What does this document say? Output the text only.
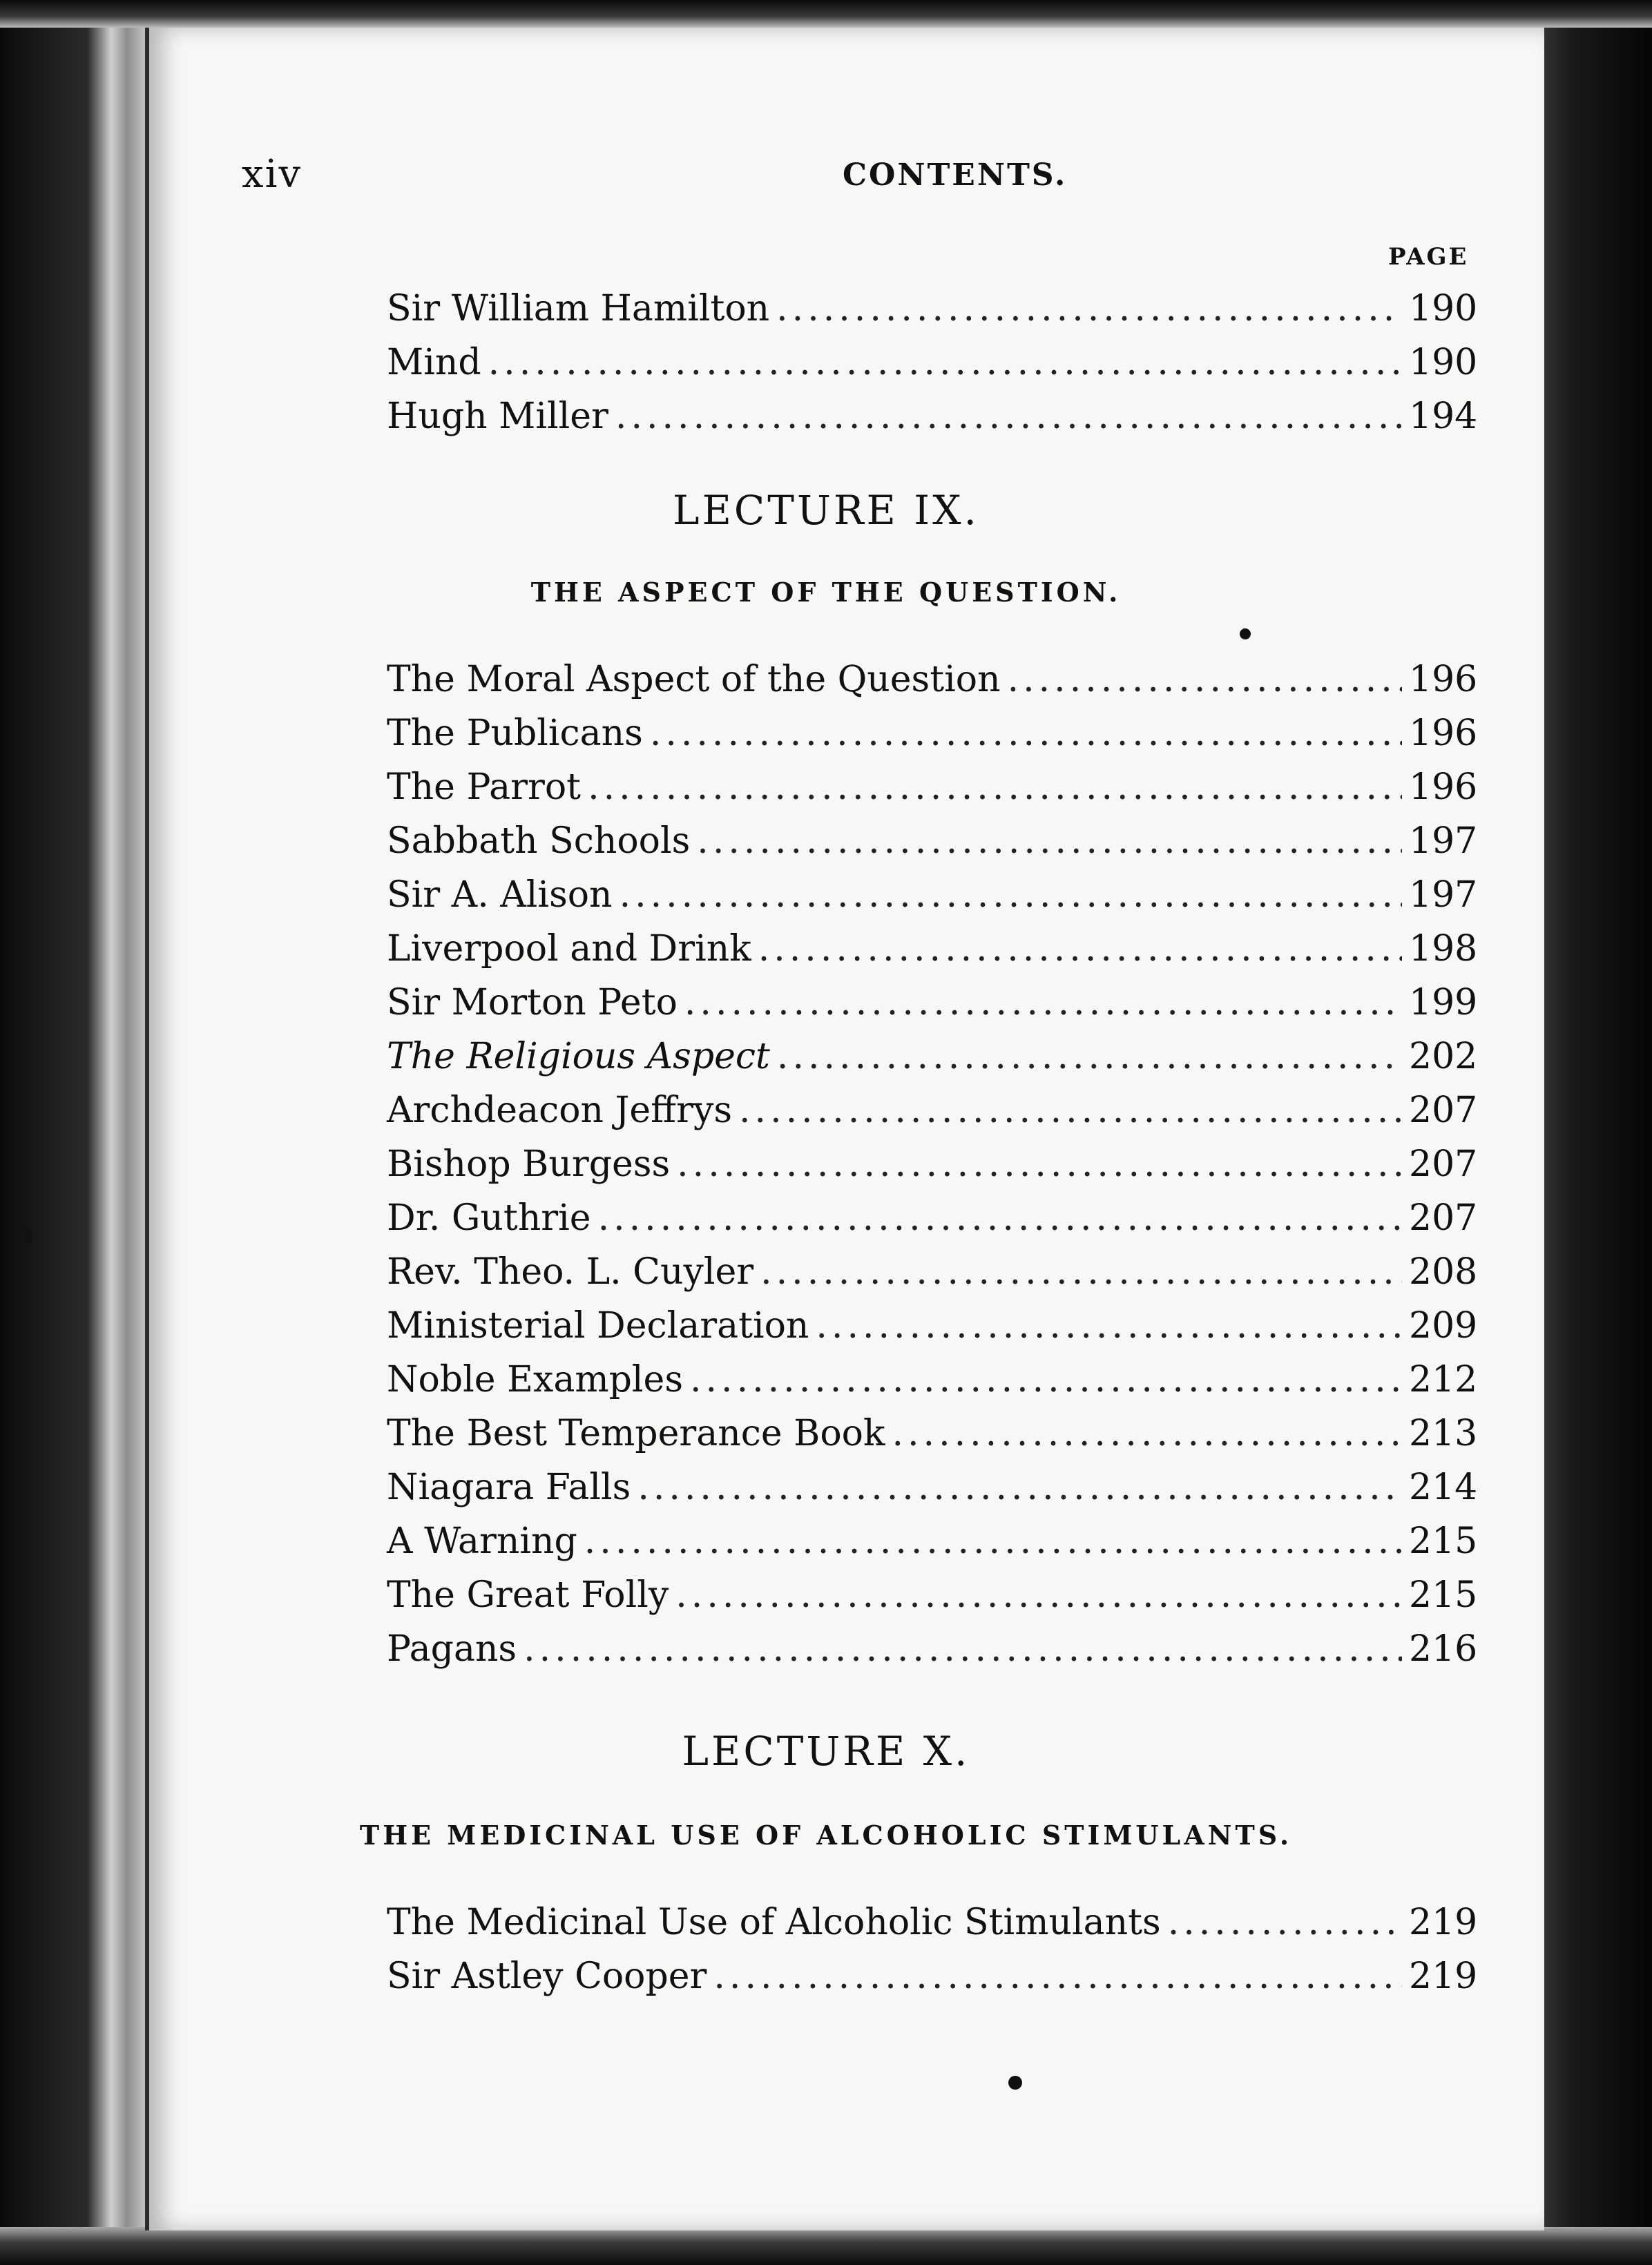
xiv	CONTENTS.
PAGE
Sir William Hamilton .....	190
Mind .....	190
Hugh Miller .....	194
LECTURE IX.
THE ASPECT OF THE QUESTION.
The Moral Aspect of the Question .....	196
The Publicans .....	196
The Parrot .....	196
Sabbath Schools .....	197
Sir A. Alison .....	197
Liverpool and Drink .....	198
Sir Morton Peto .....	199
The Religious Aspect .....	202
Archdeacon Jeffrys .....	207
Bishop Burgess .....	207
Dr. Guthrie .....	207
Rev. Theo. L. Cuyler .....	208
Ministerial Declaration .....	209
Noble Examples .....	212
The Best Temperance Book .....	213
Niagara Falls .....	214
A Warning .....	215
The Great Folly .....	215
Pagans .....	216
LECTURE X.
THE MEDICINAL USE OF ALCOHOLIC STIMULANTS.
The Medicinal Use of Alcoholic Stimulants .....	219
Sir Astley Cooper .....	219
